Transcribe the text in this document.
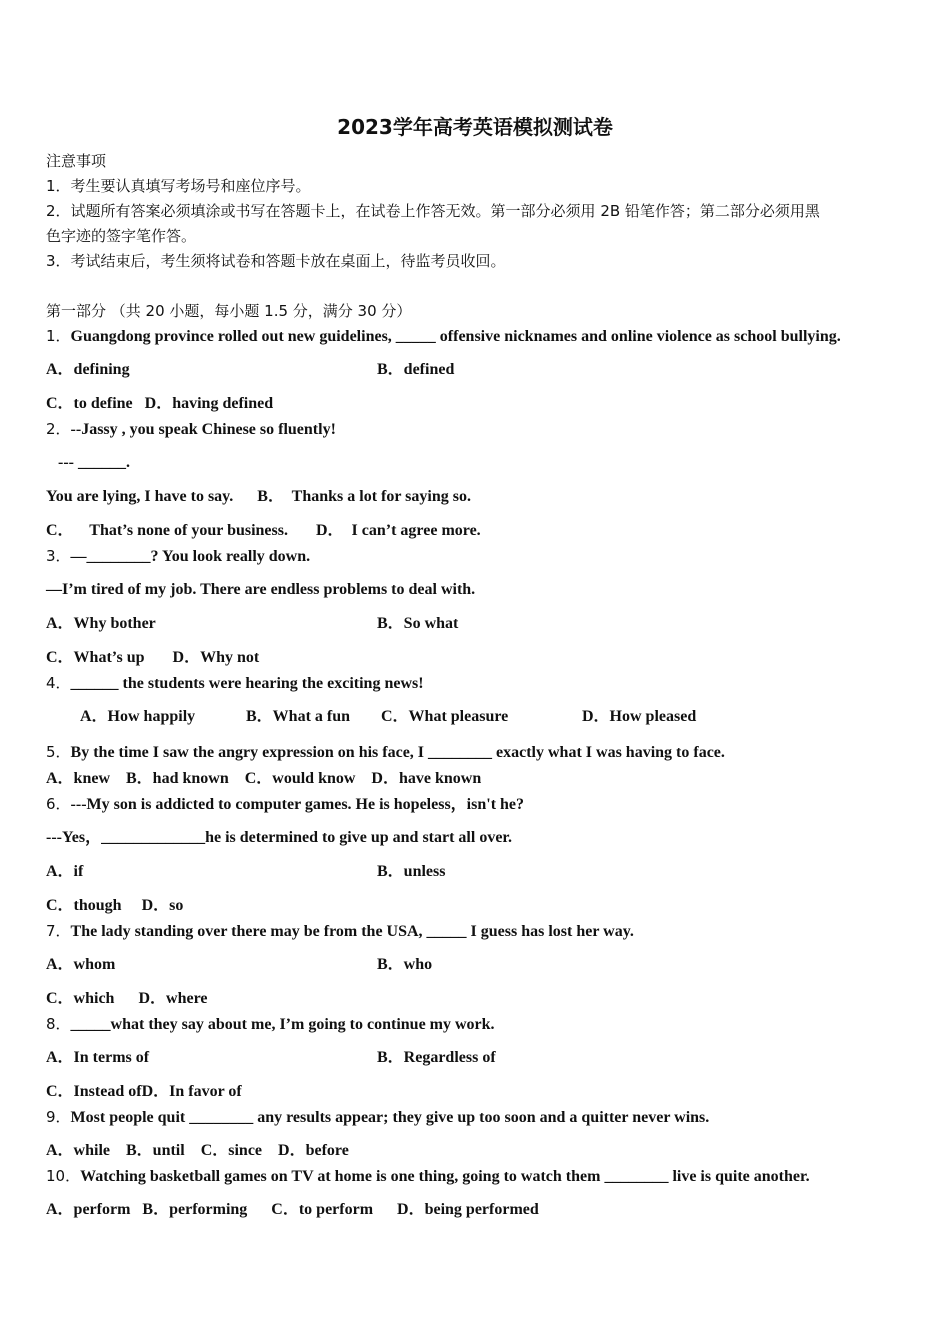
2023学年高考英语模拟测试卷
注意事项
1．考生要认真填写考场号和座位序号。
2．试题所有答案必须填涂或书写在答题卡上，在试卷上作答无效。第一部分必须用 2B 铅笔作答；第二部分必须用黑
色字迹的签字笔作答。
3．考试结束后，考生须将试卷和答题卡放在桌面上，待监考员收回。
第一部分 （共 20 小题，每小题 1.5 分，满分 30 分）
1．Guangdong province rolled out new guidelines, _____ offensive nicknames and online violence as school bullying.
A．defining	B．defined
C．to define   D．having defined
2．--Jassy , you speak Chinese so fluently!
--- ______.
You are lying, I have to say.      B．  Thanks a lot for saying so.
C．    That’s none of your business.       D．  I can’t agree more.
3．—________? You look really down.
—I’m tired of my job. There are endless problems to deal with.
A．Why bother	B．So what
C．What’s up       D．Why not
4．______ the students were hearing the exciting news!
A．How happily	B．What a fun C．What pleasure	D．How pleased
5．By the time I saw the angry expression on his face, I ________ exactly what I was having to face.
A．knew    B．had known    C．would know    D．have known
6．---My son is addicted to computer games. He is hopeless，isn't he?
---Yes，_____________he is determined to give up and start all over.
A．if	B．unless
C．though     D．so
7．The lady standing over there may be from the USA, _____ I guess has lost her way.
A．whom	B．who
C．which      D．where
8．_____what they say about me, I’m going to continue my work.
A．In terms of	B．Regardless of
C．Instead ofD．In favor of
9．Most people quit ________ any results appear; they give up too soon and a quitter never wins.
A．while    B．until    C．since    D．before
10．Watching basketball games on TV at home is one thing, going to watch them ________ live is quite another.
A．perform   B．performing      C．to perform      D．being performed
